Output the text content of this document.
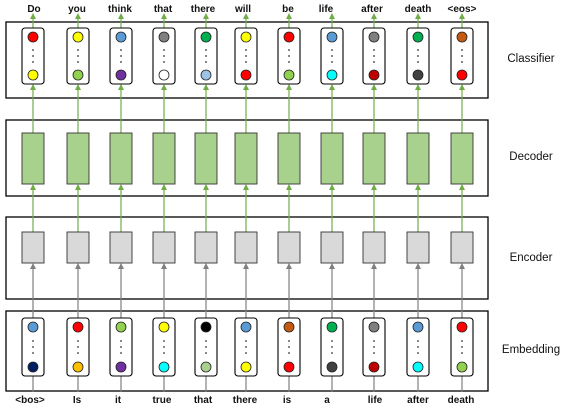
Do	you	think	that	there	will	be	life	after	death	<eos>
<bos>	Is	it	true	that	there	is	a	life	after	death
Classifier
Decoder
Encoder
Embedding
